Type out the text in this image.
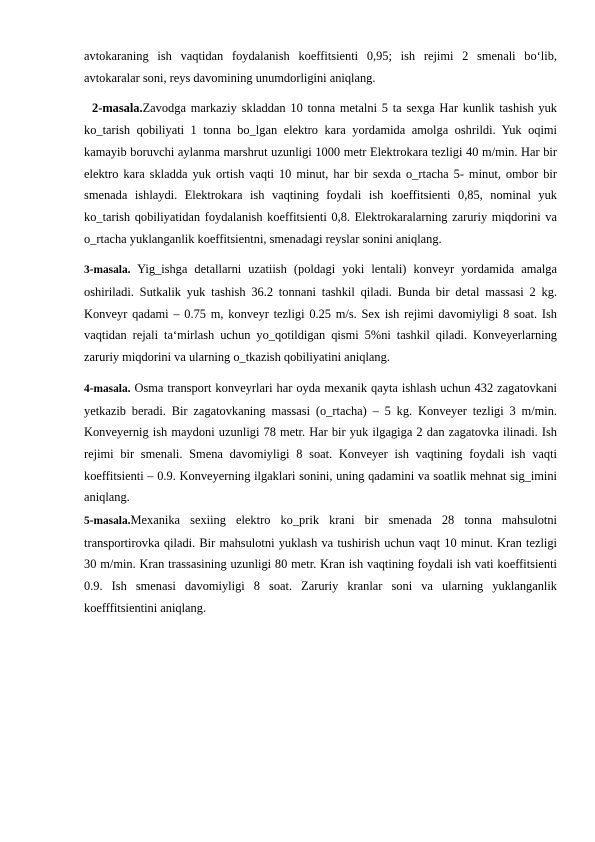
avtokaraning ish vaqtidan foydalanish koeffitsienti 0,95; ish rejimi 2 smenali bo‘lib, avtokaralar soni, reys davomining unumdorligini aniqlang.

2-masala.Zavodga markaziy skladdan 10 tonna metalni 5 ta sexga Har kunlik tashish yuk ko_tarish qobiliyati 1 tonna bo_lgan elektro kara yordamida amolga oshrildi. Yuk oqimi kamayib boruvchi aylanma marshrut uzunligi 1000 metr Elektrokara tezligi 40 m/min. Har bir elektro kara skladda yuk ortish vaqti 10 minut, har bir sexda o_rtacha 5- minut, ombor bir smenada ishlaydi. Elektrokara ish vaqtining foydali ish koeffitsienti 0,85, nominal yuk ko_tarish qobiliyatidan foydalanish koeffitsienti 0,8. Elektrokaralarning zaruriy miqdorini va o_rtacha yuklanganlik koeffitsientni, smenadagi reyslar sonini aniqlang.

3-masala. Yig_ishga detallarni uzatiish (poldagi yoki lentali) konveyr yordamida amalga oshiriladi. Sutkalik yuk tashish 36.2 tonnani tashkil qiladi. Bunda bir detal massasi 2 kg. Konveyr qadami – 0.75 m, konveyr tezligi 0.25 m/s. Sex ish rejimi davomiyligi 8 soat. Ish vaqtidan rejali ta‘mirlash uchun yo_qotildigan qismi 5%ni tashkil qiladi. Konveyerlarning zaruriy miqdorini va ularning o_tkazish qobiliyatini aniqlang.

4-masala. Osma transport konveyrlari har oyda mexanik qayta ishlash uchun 432 zagatovkani yetkazib beradi. Bir zagatovkaning massasi (o_rtacha) – 5 kg. Konveyer tezligi 3 m/min. Konveyernig ish maydoni uzunligi 78 metr. Har bir yuk ilgagiga 2 dan zagatovka ilinadi. Ish rejimi bir smenali. Smena davomiyligi 8 soat. Konveyer ish vaqtining foydali ish vaqti koeffitsienti – 0.9. Konveyerning ilgaklari sonini, uning qadamini va soatlik mehnat sig_imini aniqlang.

5-masala.Mexanika sexiing elektro ko_prik krani bir smenada 28 tonna mahsulotni transportirovka qiladi. Bir mahsulotni yuklash va tushirish uchun vaqt 10 minut. Kran tezligi 30 m/min. Kran trassasining uzunligi 80 metr. Kran ish vaqtining foydali ish vati koeffitsienti 0.9. Ish smenasi davomiyligi 8 soat. Zaruriy kranlar soni va ularning yuklanganlik koefffitsientini aniqlang.
